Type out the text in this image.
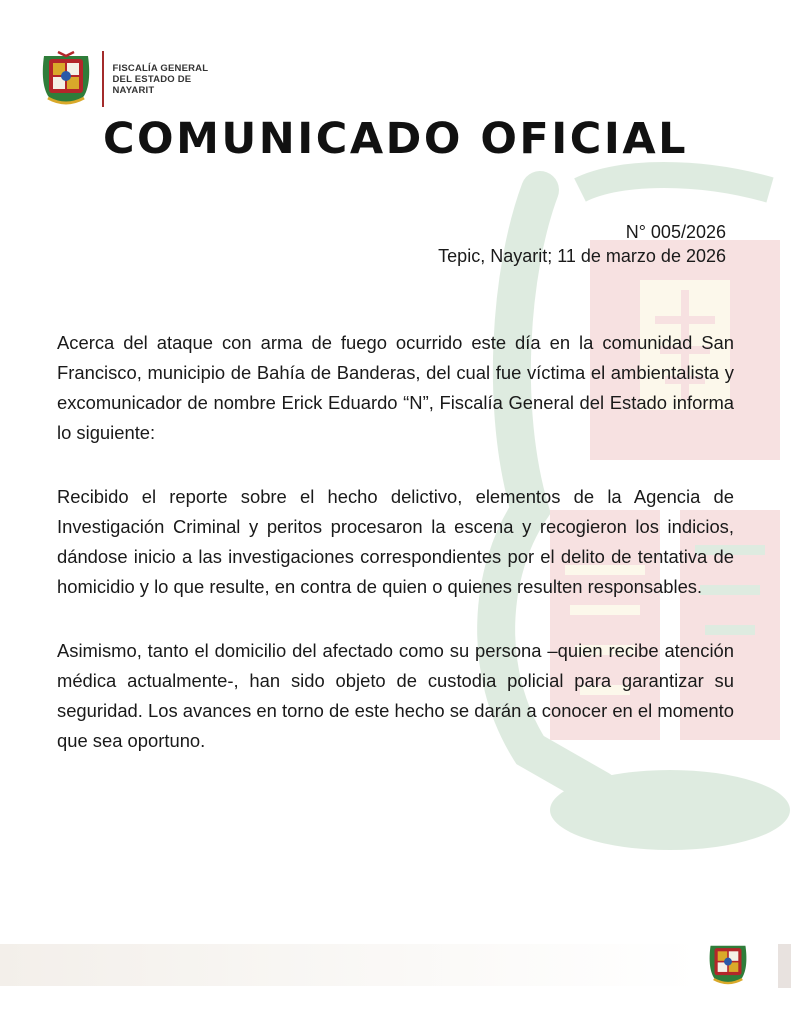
FISCALÍA GENERAL
DEL ESTADO DE
NAYARIT
COMUNICADO OFICIAL
N° 005/2026
Tepic, Nayarit; 11 de marzo de 2026

Acerca del ataque con arma de fuego ocurrido este día en la comunidad San Francisco, municipio de Bahía de Banderas, del cual fue víctima el ambientalista y excomunicador de nombre Erick Eduardo “N”, Fiscalía General del Estado informa lo siguiente:

Recibido el reporte sobre el hecho delictivo, elementos de la Agencia de Investigación Criminal y peritos procesaron la escena y recogieron los indicios, dándose inicio a las investigaciones correspondientes por el delito de tentativa de homicidio y lo que resulte, en contra de quien o quienes resulten responsables.

Asimismo, tanto el domicilio del afectado como su persona –quien recibe atención médica actualmente-, han sido objeto de custodia policial para garantizar su seguridad. Los avances en torno de este hecho se darán a conocer en el momento que sea oportuno.
